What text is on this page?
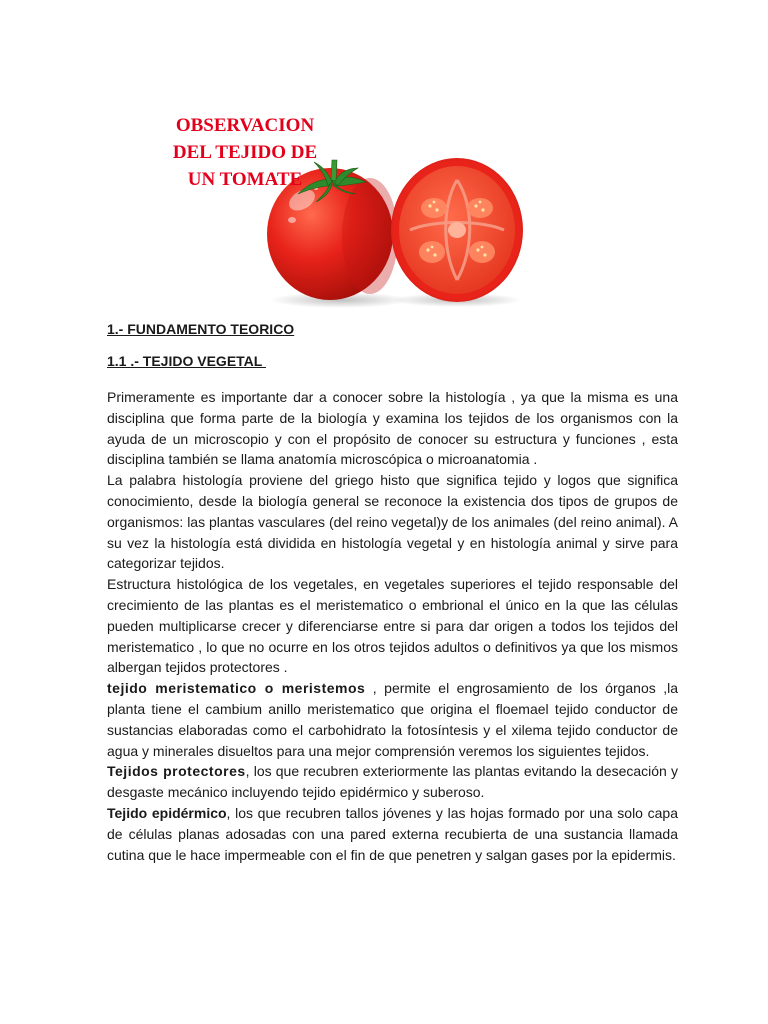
OBSERVACION
DEL TEJIDO DE
UN TOMATE
1.- FUNDAMENTO TEORICO
1.1 .- TEJIDO VEGETAL

Primeramente es importante dar a conocer sobre la histología , ya que la misma es una disciplina que forma parte de la biología y examina los tejidos de los organismos con la ayuda de un microscopio y con el propósito de conocer su estructura y funciones , esta disciplina también se llama anatomía microscópica o microanatomia .

La palabra histología proviene del griego histo que significa tejido y logos que significa conocimiento, desde la biología general se reconoce la existencia dos tipos de grupos de organismos: las plantas vasculares (del reino vegetal)y de los animales (del reino animal). A su vez la histología está dividida en histología vegetal y en histología animal y sirve para categorizar tejidos.

Estructura histológica de los vegetales, en vegetales superiores el tejido responsable del crecimiento de las plantas es el meristematico o embrional el único en la que las células pueden multiplicarse crecer y diferenciarse entre si para dar origen a todos los tejidos del meristematico , lo que no ocurre en los otros tejidos adultos o definitivos ya que los mismos albergan tejidos protectores .

tejido meristematico o meristemos , permite el engrosamiento de los órganos ,la planta tiene el cambium anillo meristematico que origina el floemael tejido conductor de sustancias elaboradas como el carbohidrato la fotosíntesis y el xilema tejido conductor de agua y minerales disueltos para una mejor comprensión veremos los siguientes tejidos.

Tejidos protectores, los que recubren exteriormente las plantas evitando la desecación y desgaste mecánico incluyendo tejido epidérmico y suberoso.

Tejido epidérmico, los que recubren tallos jóvenes y las hojas formado por una solo capa de células planas adosadas con una pared externa recubierta de una sustancia llamada cutina que le hace impermeable con el fin de que penetren y salgan gases por la epidermis.
